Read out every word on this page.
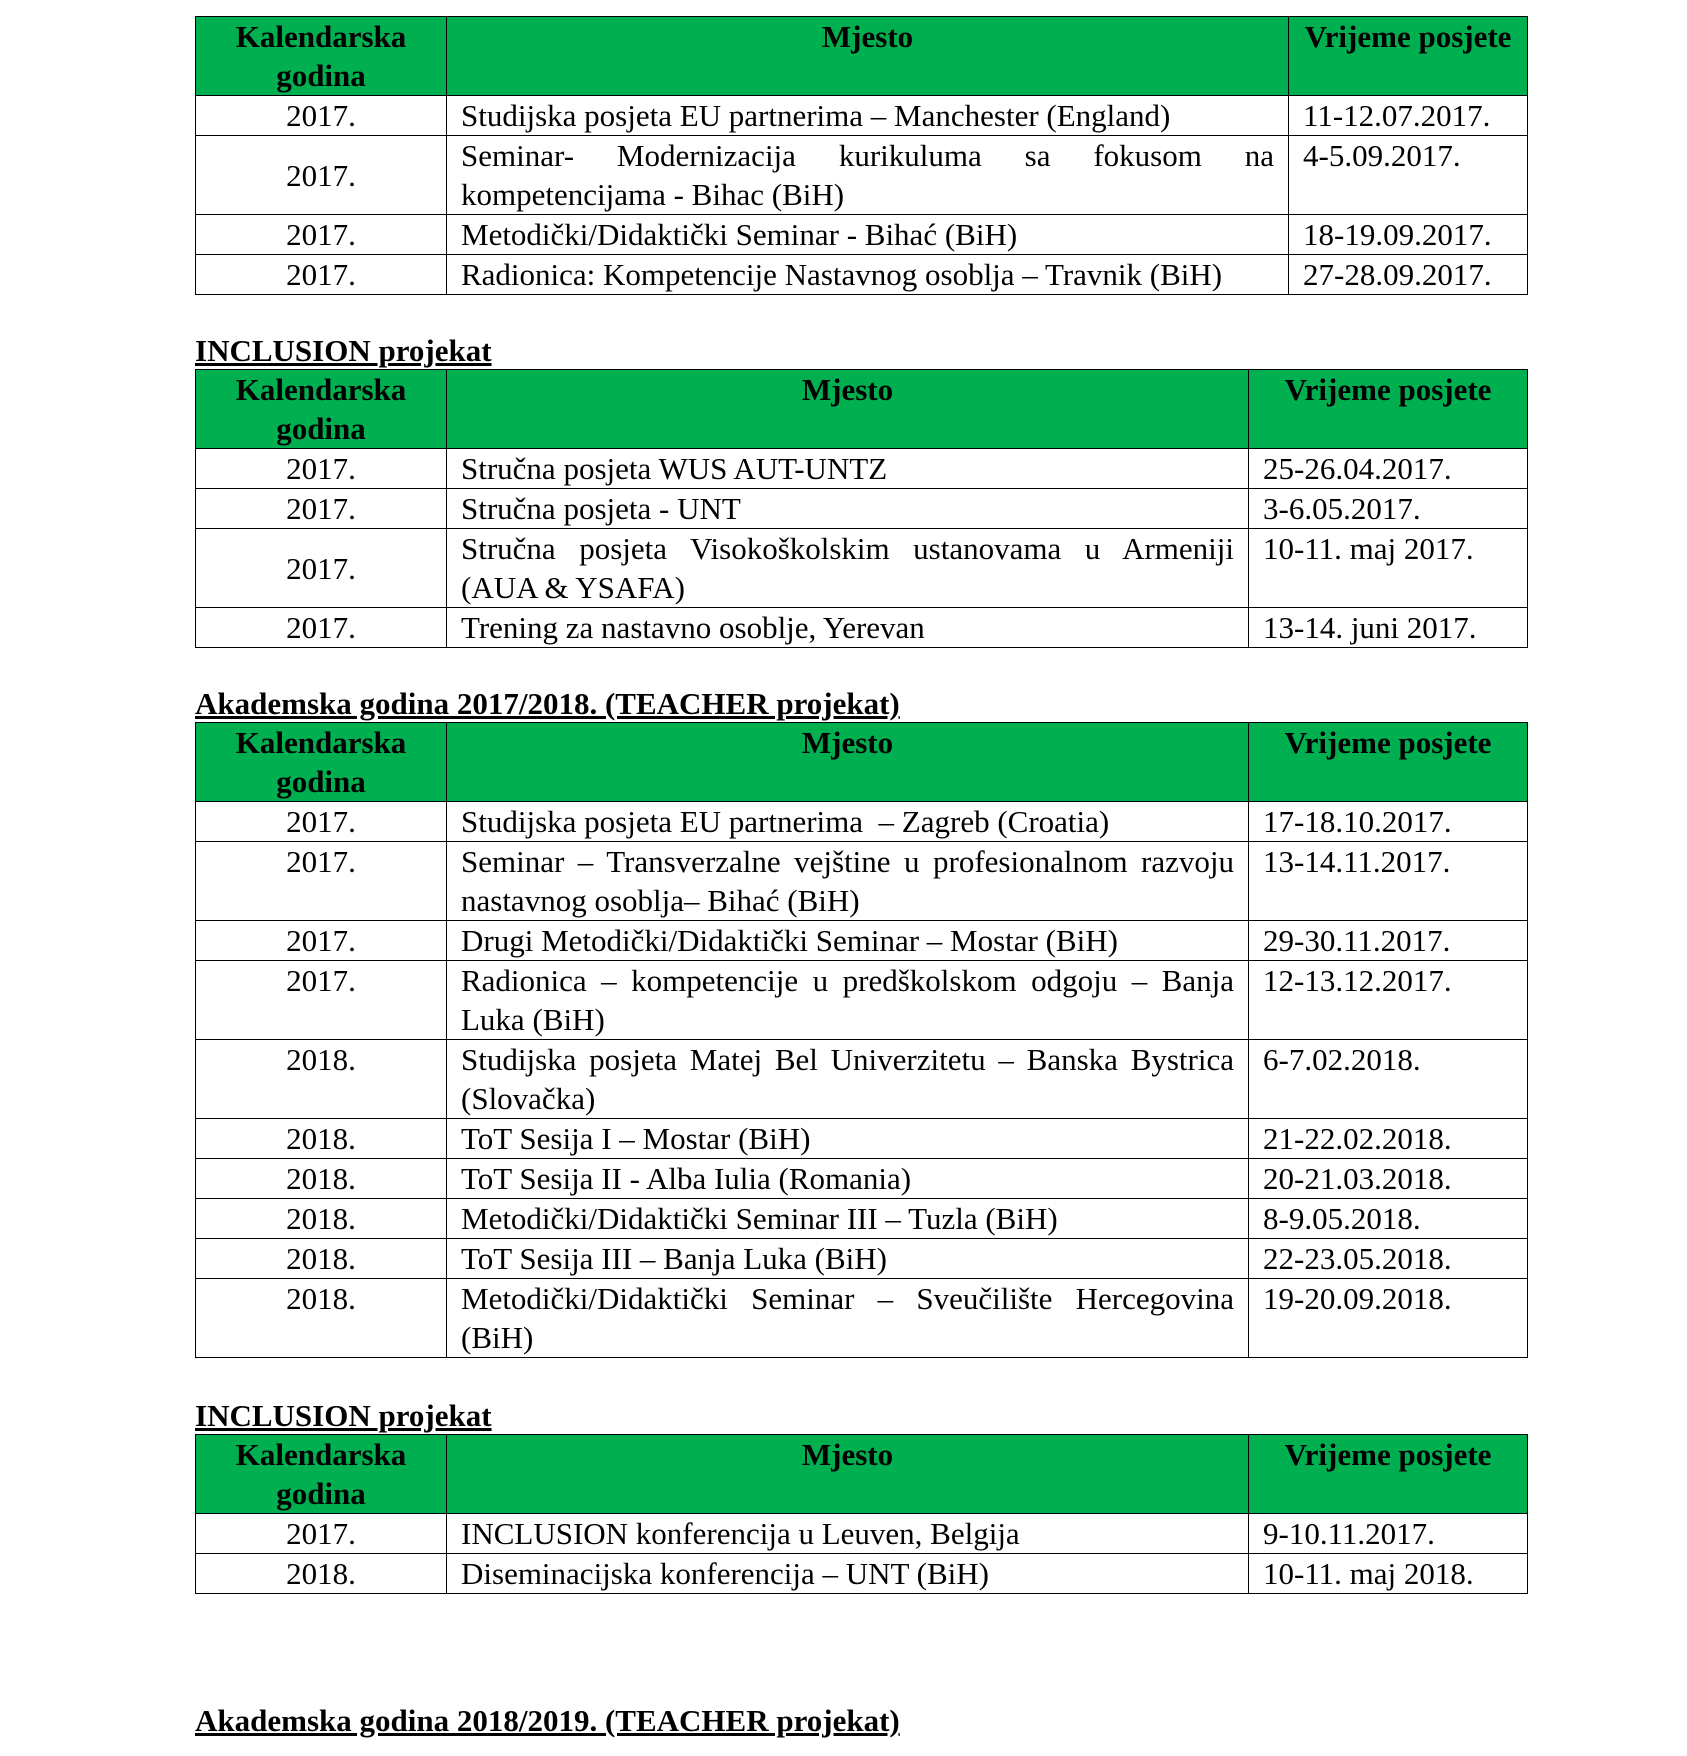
Kalendarska godina	Mjesto	Vrijeme posjete
2017.	Studijska posjeta EU partnerima – Manchester (England)	11-12.07.2017.
2017.	Seminar- Modernizacija kurikuluma sa fokusom na kompetencijama - Bihac (BiH)	4-5.09.2017.
2017.	Metodički/Didaktički Seminar - Bihać (BiH)	18-19.09.2017.
2017.	Radionica: Kompetencije Nastavnog osoblja – Travnik (BiH)	27-28.09.2017.

INCLUSION projekat

Kalendarska godina	Mjesto	Vrijeme posjete
2017.	Stručna posjeta WUS AUT-UNTZ	25-26.04.2017.
2017.	Stručna posjeta - UNT	3-6.05.2017.
2017.	Stručna posjeta Visokoškolskim ustanovama u Armeniji (AUA & YSAFA)	10-11. maj 2017.
2017.	Trening za nastavno osoblje, Yerevan	13-14. juni 2017.

Akademska godina 2017/2018. (TEACHER projekat)

Kalendarska godina	Mjesto	Vrijeme posjete
2017.	Studijska posjeta EU partnerima  – Zagreb (Croatia)	17-18.10.2017.
2017.	Seminar – Transverzalne vejštine u profesionalnom razvoju nastavnog osoblja– Bihać (BiH)	13-14.11.2017.
2017.	Drugi Metodički/Didaktički Seminar – Mostar (BiH)	29-30.11.2017.
2017.	Radionica – kompetencije u predškolskom odgoju – Banja Luka (BiH)	12-13.12.2017.
2018.	Studijska posjeta Matej Bel Univerzitetu – Banska Bystrica (Slovačka)	6-7.02.2018.
2018.	ToT Sesija I – Mostar (BiH)	21-22.02.2018.
2018.	ToT Sesija II - Alba Iulia (Romania)	20-21.03.2018.
2018.	Metodički/Didaktički Seminar III – Tuzla (BiH)	8-9.05.2018.
2018.	ToT Sesija III – Banja Luka (BiH)	22-23.05.2018.
2018.	Metodički/Didaktički Seminar – Sveučilište Hercegovina (BiH)	19-20.09.2018.

INCLUSION projekat

Kalendarska godina	Mjesto	Vrijeme posjete
2017.	INCLUSION konferencija u Leuven, Belgija	9-10.11.2017.
2018.	Diseminacijska konferencija – UNT (BiH)	10-11. maj 2018.

Akademska godina 2018/2019. (TEACHER projekat)
